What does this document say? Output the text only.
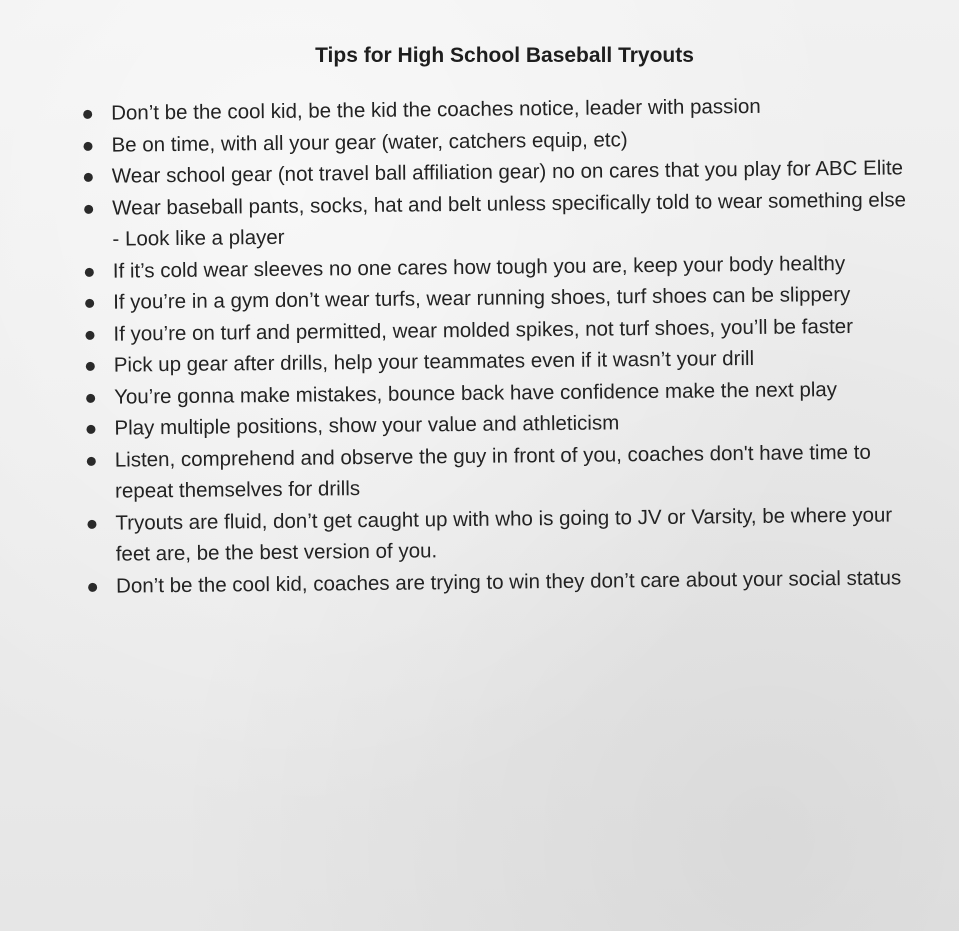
Tips for High School Baseball Tryouts
Don’t be the cool kid, be the kid the coaches notice, leader with passion
Be on time, with all your gear (water, catchers equip, etc)
Wear school gear (not travel ball affiliation gear) no on cares that you play for ABC Elite
Wear baseball pants, socks, hat and belt unless specifically told to wear something else - Look like a player
If it’s cold wear sleeves no one cares how tough you are, keep your body healthy
If you’re in a gym don’t wear turfs, wear running shoes, turf shoes can be slippery
If you’re on turf and permitted, wear molded spikes, not turf shoes, you’ll be faster
Pick up gear after drills, help your teammates even if it wasn’t your drill
You’re gonna make mistakes, bounce back have confidence make the next play
Play multiple positions, show your value and athleticism
Listen, comprehend and observe the guy in front of you, coaches don't have time to repeat themselves for drills
Tryouts are fluid, don’t get caught up with who is going to JV or Varsity, be where your feet are, be the best version of you.
Don’t be the cool kid, coaches are trying to win they don’t care about your social status
